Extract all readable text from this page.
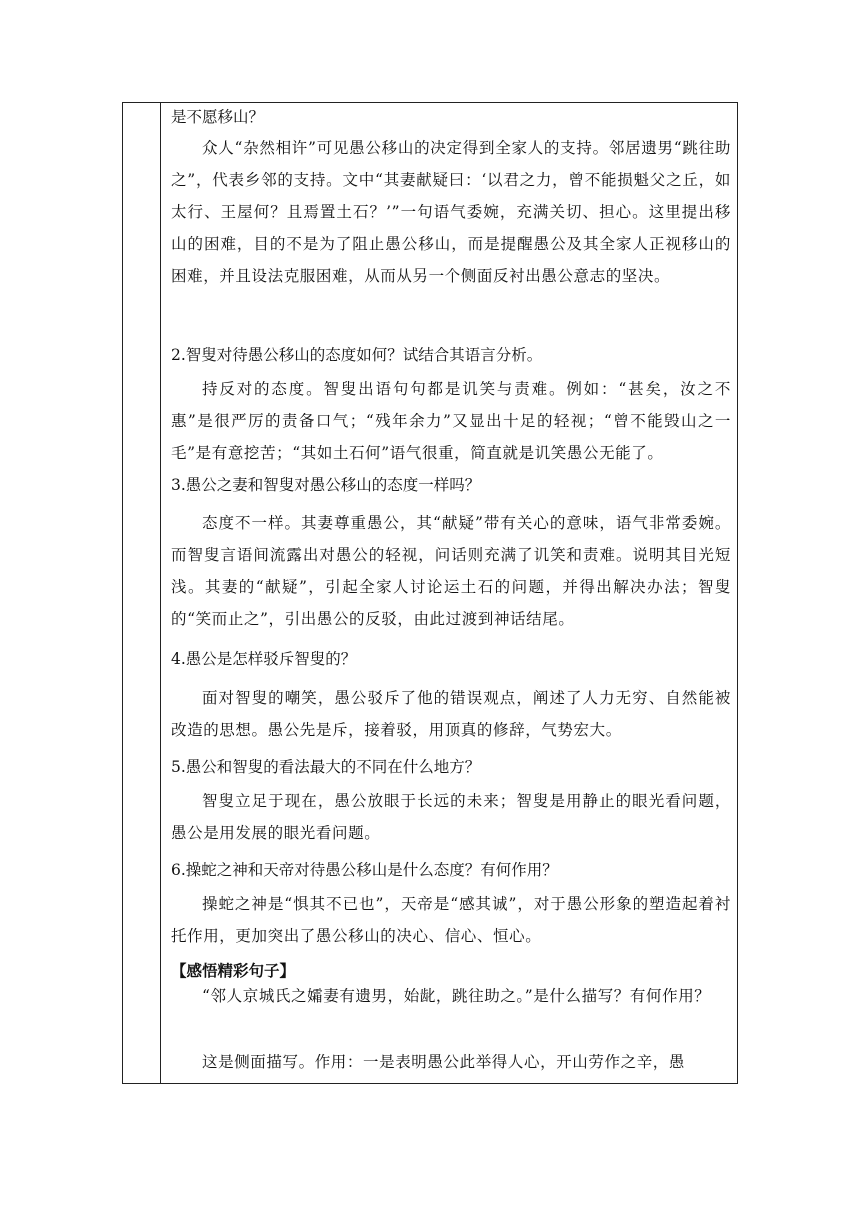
是不愿移山？
众人“杂然相许”可见愚公移山的决定得到全家人的支持。邻居遗男“跳往助之”，代表乡邻的支持。文中“其妻献疑曰：‘以君之力，曾不能损魁父之丘，如太行、王屋何？且焉置土石？’”一句语气委婉，充满关切、担心。这里提出移山的困难，目的不是为了阻止愚公移山，而是提醒愚公及其全家人正视移山的困难，并且设法克服困难，从而从另一个侧面反衬出愚公意志的坚决。
2.智叟对待愚公移山的态度如何？试结合其语言分析。
持反对的态度。智叟出语句句都是讥笑与责难。例如：“甚矣，汝之不惠”是很严厉的责备口气；“残年余力”又显出十足的轻视；“曾不能毁山之一毛”是有意挖苦；“其如土石何”语气很重，简直就是讥笑愚公无能了。
3.愚公之妻和智叟对愚公移山的态度一样吗？
态度不一样。其妻尊重愚公，其“献疑”带有关心的意味，语气非常委婉。而智叟言语间流露出对愚公的轻视，问话则充满了讥笑和责难。说明其目光短浅。其妻的“献疑”，引起全家人讨论运土石的问题，并得出解决办法；智叟的“笑而止之”，引出愚公的反驳，由此过渡到神话结尾。
4.愚公是怎样驳斥智叟的？
面对智叟的嘲笑，愚公驳斥了他的错误观点，阐述了人力无穷、自然能被改造的思想。愚公先是斥，接着驳，用顶真的修辞，气势宏大。
5.愚公和智叟的看法最大的不同在什么地方？
智叟立足于现在，愚公放眼于长远的未来；智叟是用静止的眼光看问题，愚公是用发展的眼光看问题。
6.操蛇之神和天帝对待愚公移山是什么态度？有何作用？
操蛇之神是“惧其不已也”，天帝是“感其诚”，对于愚公形象的塑造起着衬托作用，更加突出了愚公移山的决心、信心、恒心。
【感悟精彩句子】
“邻人京城氏之孀妻有遗男，始龀，跳往助之。”是什么描写？有何作用？
这是侧面描写。作用：一是表明愚公此举得人心，开山劳作之辛，愚
